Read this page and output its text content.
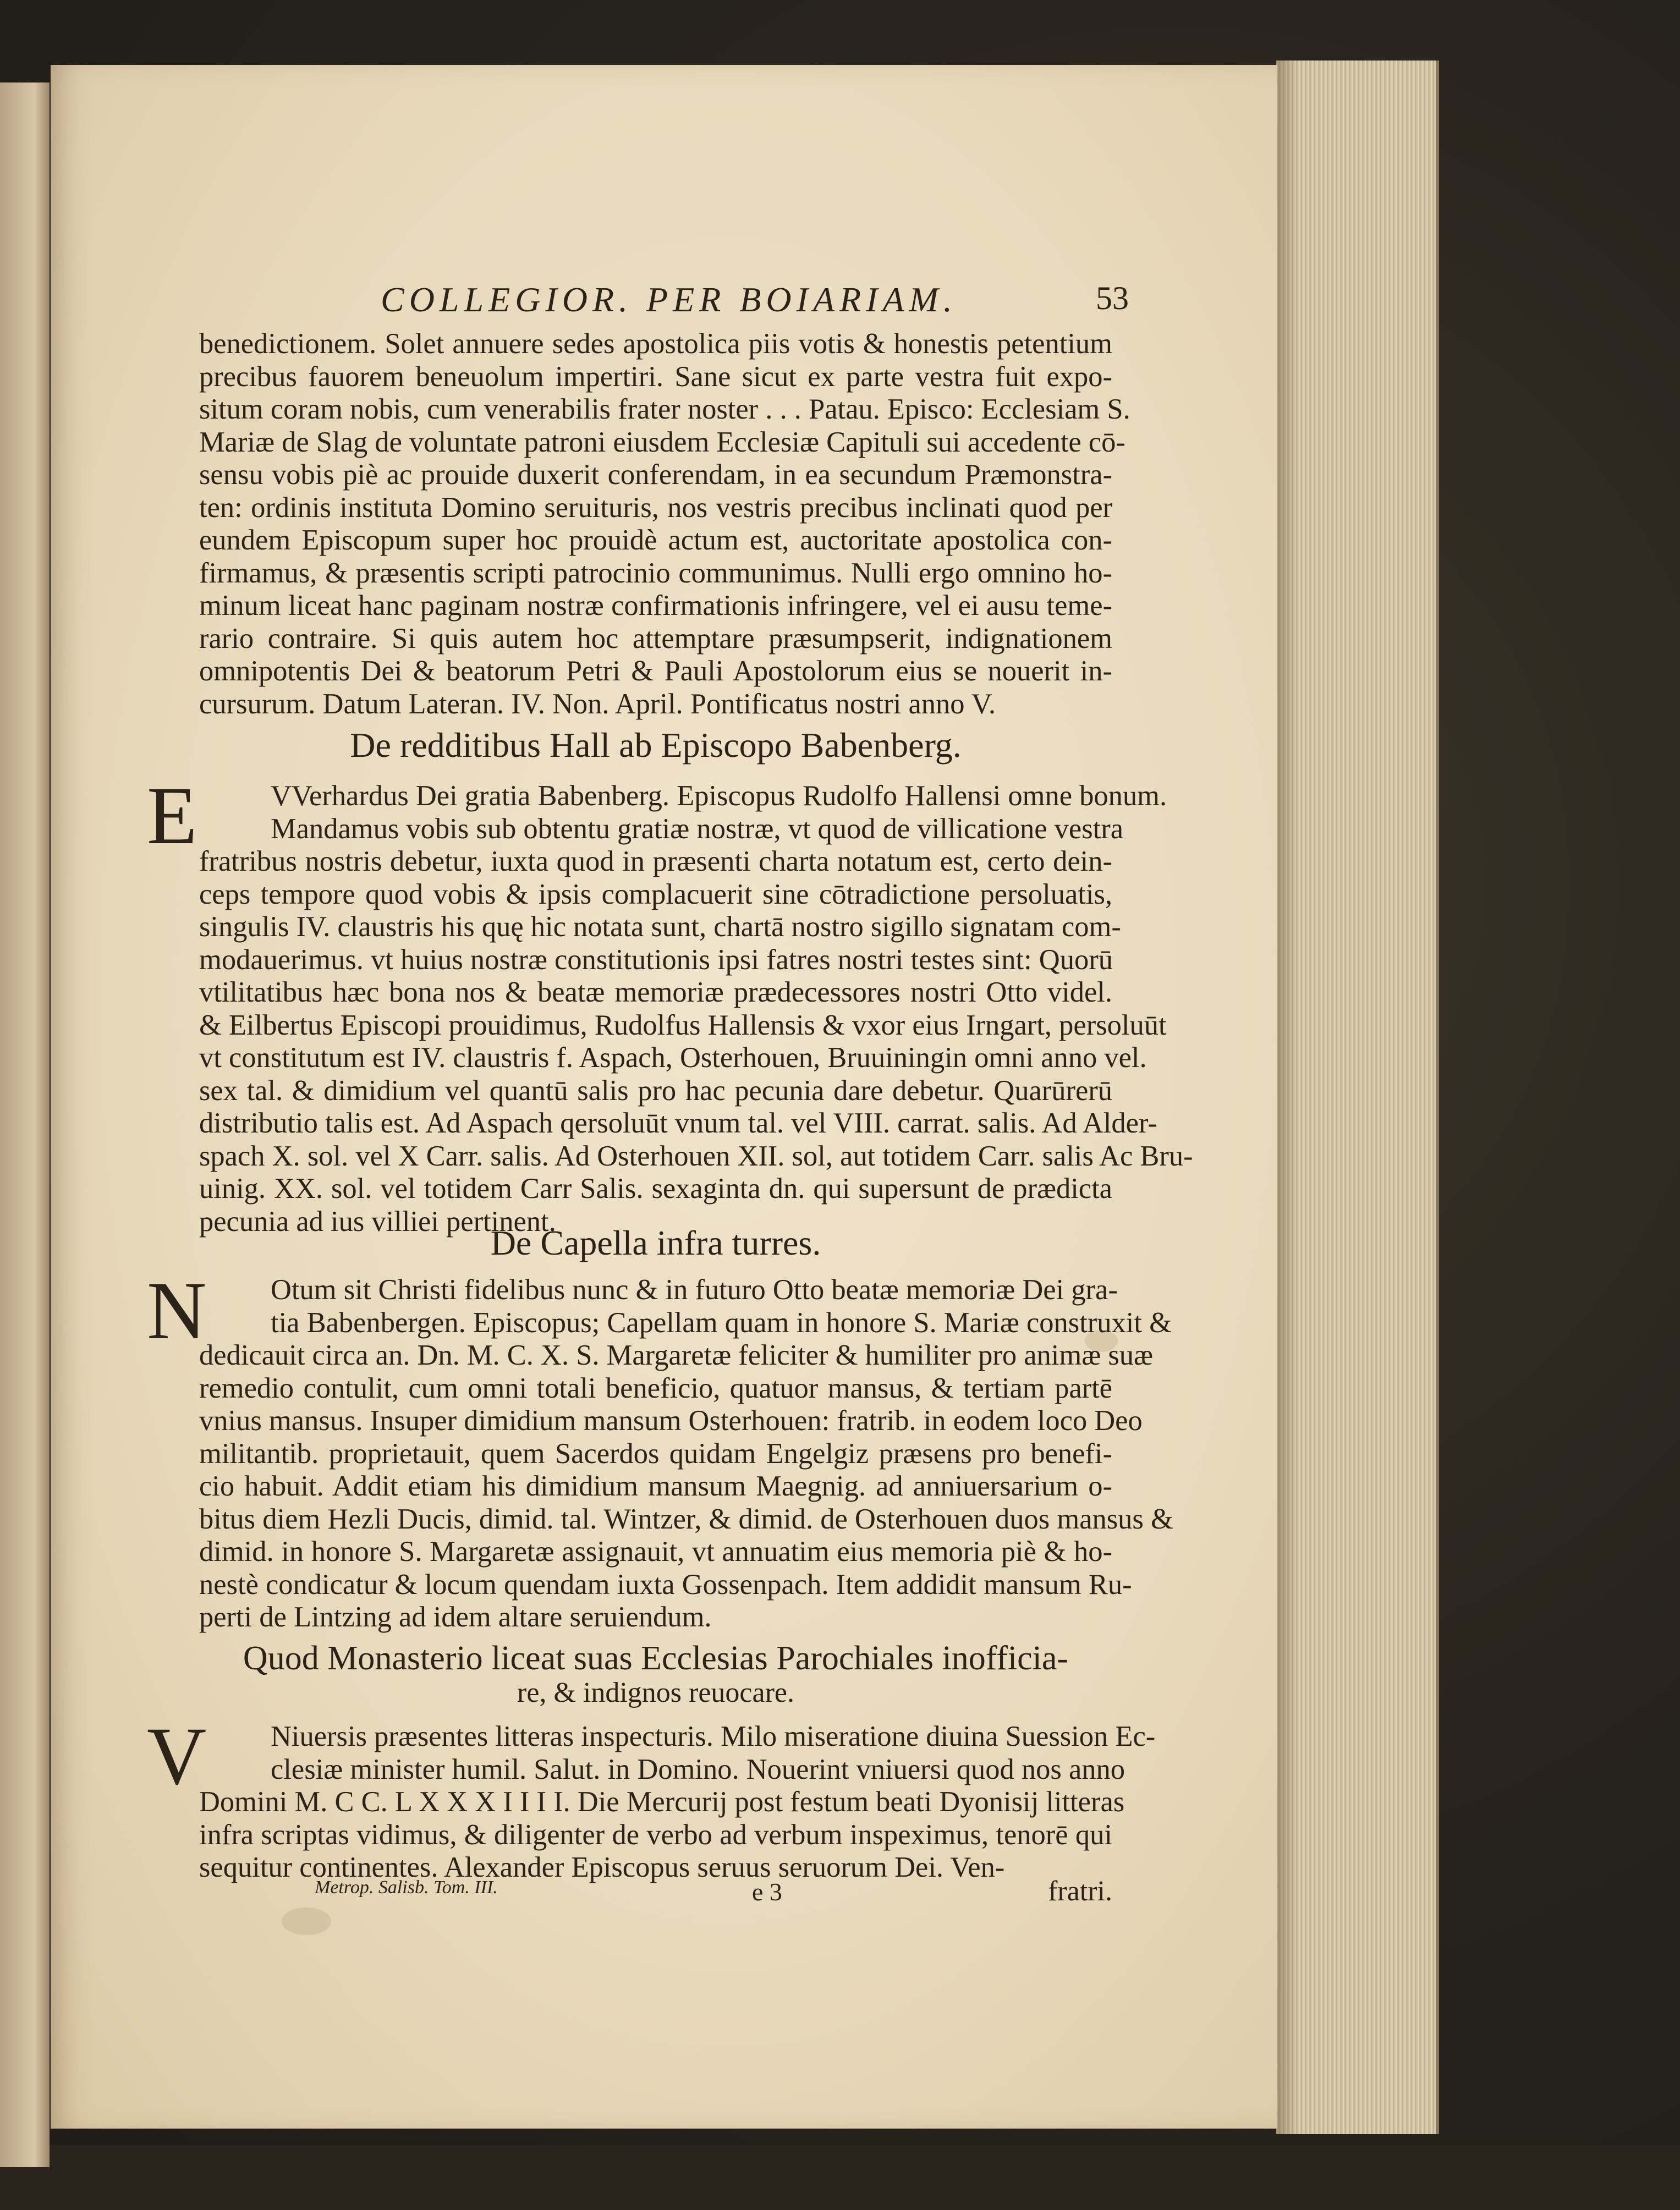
COLLEGIOR. PER BOIARIAM.	53
benedictionem. Solet annuere sedes apostolica piis votis & honestis petentium
precibus fauorem beneuolum impertiri. Sane sicut ex parte vestra fuit expo-
situm coram nobis, cum venerabilis frater noster . . . Patau. Episco: Ecclesiam S.
Mariæ de Slag de voluntate patroni eiusdem Ecclesiæ Capituli sui accedente cō-
sensu vobis piè ac prouide duxerit conferendam, in ea secundum Præmonstra-
ten: ordinis instituta Domino seruituris, nos vestris precibus inclinati quod per
eundem Episcopum super hoc prouidè actum est, auctoritate apostolica con-
firmamus, & præsentis scripti patrocinio communimus. Nulli ergo omnino ho-
minum liceat hanc paginam nostræ confirmationis infringere, vel ei ausu teme-
rario contraire. Si quis autem hoc attemptare præsumpserit, indignationem
omnipotentis Dei & beatorum Petri & Pauli Apostolorum eius se nouerit in-
cursurum. Datum Lateran. IV. Non. April. Pontificatus nostri anno V.
De redditibus Hall ab Episcopo Babenberg.
E	VVerhardus Dei gratia Babenberg. Episcopus Rudolfo Hallensi omne bonum.
Mandamus vobis sub obtentu gratiæ nostræ, vt quod de villicatione vestra
fratribus nostris debetur, iuxta quod in præsenti charta notatum est, certo dein-
ceps tempore quod vobis & ipsis complacuerit sine cōtradictione persoluatis,
singulis IV. claustris his quę hic notata sunt, chartā nostro sigillo signatam com-
modauerimus. vt huius nostræ constitutionis ipsi fatres nostri testes sint: Quorū
vtilitatibus hæc bona nos & beatæ memoriæ prædecessores nostri Otto videl.
& Eilbertus Episcopi prouidimus, Rudolfus Hallensis & vxor eius Irngart, persoluūt
vt constitutum est IV. claustris f. Aspach, Osterhouen, Bruuiningin omni anno vel.
sex tal. & dimidium vel quantū salis pro hac pecunia dare debetur. Quarūrerū
distributio talis est. Ad Aspach qersoluūt vnum tal. vel VIII. carrat. salis. Ad Alder-
spach X. sol. vel X Carr. salis. Ad Osterhouen XII. sol, aut totidem Carr. salis Ac Bru-
uinig. XX. sol. vel totidem Carr Salis. sexaginta dn. qui supersunt de prædicta
pecunia ad ius villiei pertinent.
De Capella infra turres.
N	Otum sit Christi fidelibus nunc & in futuro Otto beatæ memoriæ Dei gra-
tia Babenbergen. Episcopus; Capellam quam in honore S. Mariæ construxit &
dedicauit circa an. Dn. M. C. X. S. Margaretæ feliciter & humiliter pro animæ suæ
remedio contulit, cum omni totali beneficio, quatuor mansus, & tertiam partē
vnius mansus. Insuper dimidium mansum Osterhouen: fratrib. in eodem loco Deo
militantib. proprietauit, quem Sacerdos quidam Engelgiz præsens pro benefi-
cio habuit. Addit etiam his dimidium mansum Maegnig. ad anniuersarium o-
bitus diem Hezli Ducis, dimid. tal. Wintzer, & dimid. de Osterhouen duos mansus &
dimid. in honore S. Margaretæ assignauit, vt annuatim eius memoria piè & ho-
nestè condicatur & locum quendam iuxta Gossenpach. Item addidit mansum Ru-
perti de Lintzing ad idem altare seruiendum.
Quod Monasterio liceat suas Ecclesias Parochiales inofficia-
re, & indignos reuocare.
V	Niuersis præsentes litteras inspecturis. Milo miseratione diuina Suession Ec-
clesiæ minister humil. Salut. in Domino. Nouerint vniuersi quod nos anno
Domini M. C C. L X X X I I I I. Die Mercurij post festum beati Dyonisij litteras
infra scriptas vidimus, & diligenter de verbo ad verbum inspeximus, tenorē qui
sequitur continentes. Alexander Episcopus seruus seruorum Dei. Ven-
Metrop. Salisb. Tom. III.	e 3	fratri.
